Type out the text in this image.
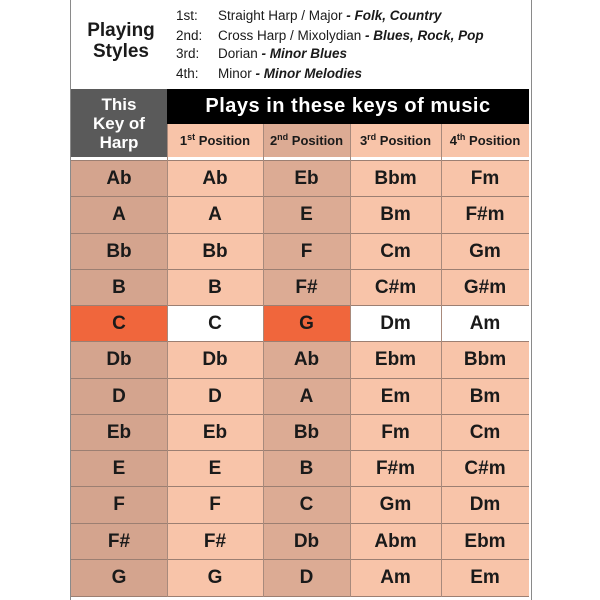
Playing
Styles
1st: Straight Harp / Major - Folk, Country
2nd: Cross Harp / Mixolydian - Blues, Rock, Pop
3rd: Dorian - Minor Blues
4th: Minor - Minor Melodies
This
Key of
Harp
Plays in these keys of music
1st Position	2nd Position	3rd Position	4th Position
Ab	Ab	Eb	Bbm	Fm
A	A	E	Bm	F#m
Bb	Bb	F	Cm	Gm
B	B	F#	C#m	G#m
C	C	G	Dm	Am
Db	Db	Ab	Ebm	Bbm
D	D	A	Em	Bm
Eb	Eb	Bb	Fm	Cm
E	E	B	F#m	C#m
F	F	C	Gm	Dm
F#	F#	Db	Abm	Ebm
G	G	D	Am	Em
